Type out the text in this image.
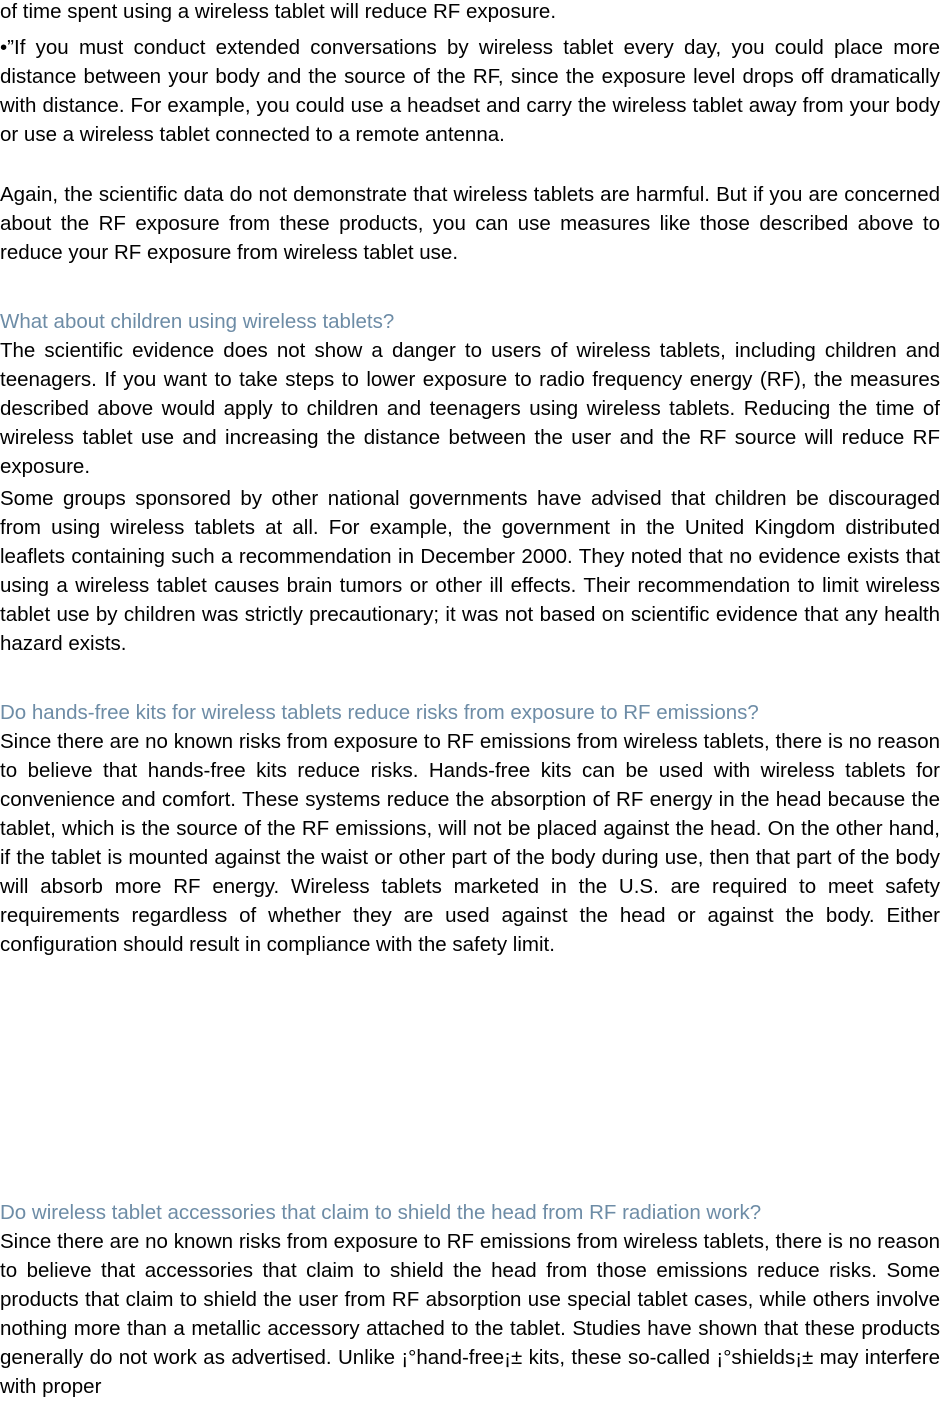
of time spent using a wireless tablet will reduce RF exposure.

•”If you must conduct extended conversations by wireless tablet every day, you could place more distance between your body and the source of the RF, since the exposure level drops off dramatically with distance. For example, you could use a headset and carry the wireless tablet away from your body or use a wireless tablet connected to a remote antenna.

Again, the scientific data do not demonstrate that wireless tablets are harmful. But if you are concerned about the RF exposure from these products, you can use measures like those described above to reduce your RF exposure from wireless tablet use.

What about children using wireless tablets?

The scientific evidence does not show a danger to users of wireless tablets, including children and teenagers. If you want to take steps to lower exposure to radio frequency energy (RF), the measures described above would apply to children and teenagers using wireless tablets. Reducing the time of wireless tablet use and increasing the distance between the user and the RF source will reduce RF exposure.

Some groups sponsored by other national governments have advised that children be discouraged from using wireless tablets at all. For example, the government in the United Kingdom distributed leaflets containing such a recommendation in December 2000. They noted that no evidence exists that using a wireless tablet causes brain tumors or other ill effects. Their recommendation to limit wireless tablet use by children was strictly precautionary; it was not based on scientific evidence that any health hazard exists.

Do hands-free kits for wireless tablets reduce risks from exposure to RF emissions?

Since there are no known risks from exposure to RF emissions from wireless tablets, there is no reason to believe that hands-free kits reduce risks. Hands-free kits can be used with wireless tablets for convenience and comfort. These systems reduce the absorption of RF energy in the head because the tablet, which is the source of the RF emissions, will not be placed against the head. On the other hand, if the tablet is mounted against the waist or other part of the body during use, then that part of the body will absorb more RF energy. Wireless tablets marketed in the U.S. are required to meet safety requirements regardless of whether they are used against the head or against the body. Either configuration should result in compliance with the safety limit.

Do wireless tablet accessories that claim to shield the head from RF radiation work?

Since there are no known risks from exposure to RF emissions from wireless tablets, there is no reason to believe that accessories that claim to shield the head from those emissions reduce risks. Some products that claim to shield the user from RF absorption use special tablet cases, while others involve nothing more than a metallic accessory attached to the tablet. Studies have shown that these products generally do not work as advertised. Unlike ¡°hand-free¡± kits, these so-called ¡°shields¡± may interfere with proper
